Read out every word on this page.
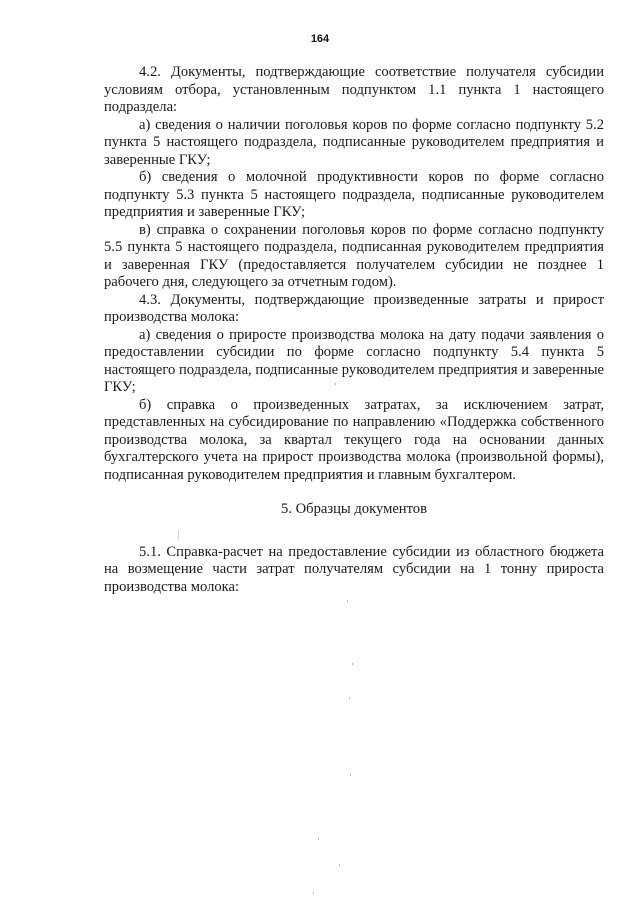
164

4.2. Документы, подтверждающие соответствие получателя субсидии условиям отбора, установленным подпунктом 1.1 пункта 1 настоящего подраздела:

а) сведения о наличии поголовья коров по форме согласно подпункту 5.2 пункта 5 настоящего подраздела, подписанные руководителем предприятия и заверенные ГКУ;

б) сведения о молочной продуктивности коров по форме согласно подпункту 5.3 пункта 5 настоящего подраздела, подписанные руководителем предприятия и заверенные ГКУ;

в) справка о сохранении поголовья коров по форме согласно подпункту 5.5 пункта 5 настоящего подраздела, подписанная руководителем предприятия и заверенная ГКУ (предоставляется получателем субсидии не позднее 1 рабочего дня, следующего за отчетным годом).

4.3. Документы, подтверждающие произведенные затраты и прирост производства молока:

а) сведения о приросте производства молока на дату подачи заявления о предоставлении субсидии по форме согласно подпункту 5.4 пункта 5 настоящего подраздела, подписанные руководителем предприятия и заверенные ГКУ;

б) справка о произведенных затратах, за исключением затрат, представленных на субсидирование по направлению «Поддержка собственного производства молока, за квартал текущего года на основании данных бухгалтерского учета на прирост производства молока (произвольной формы), подписанная руководителем предприятия и главным бухгалтером.

5. Образцы документов

5.1. Справка-расчет на предоставление субсидии из областного бюджета на возмещение части затрат получателям субсидии на 1 тонну прироста производства молока:
